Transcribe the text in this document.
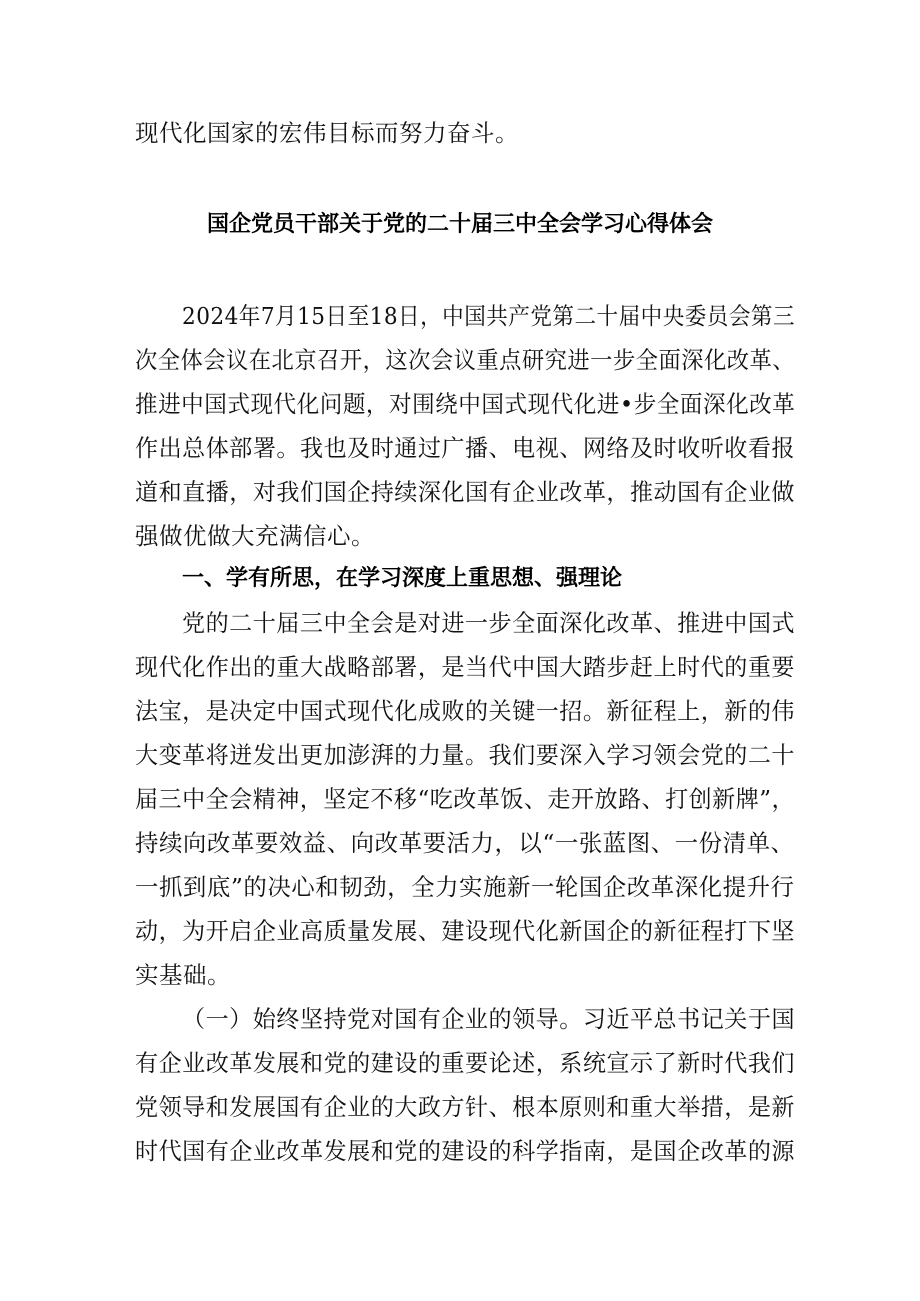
现代化国家的宏伟目标而努力奋斗。
国企党员干部关于党的二十届三中全会学习心得体会
2024年7月15日至18日，中国共产党第二十届中央委员会第三
次全体会议在北京召开，这次会议重点研究进一步全面深化改革、
推进中国式现代化问题，对围绕中国式现代化进•步全面深化改革
作出总体部署。我也及时通过广播、电视、网络及时收听收看报
道和直播，对我们国企持续深化国有企业改革，推动国有企业做
强做优做大充满信心。
一、学有所思，在学习深度上重思想、强理论
党的二十届三中全会是对进一步全面深化改革、推进中国式
现代化作出的重大战略部署，是当代中国大踏步赶上时代的重要
法宝，是决定中国式现代化成败的关键一招。新征程上，新的伟
大变革将迸发出更加澎湃的力量。我们要深入学习领会党的二十
届三中全会精神，坚定不移“吃改革饭、走开放路、打创新牌”，
持续向改革要效益、向改革要活力，以“一张蓝图、一份清单、
一抓到底”的决心和韧劲，全力实施新一轮国企改革深化提升行
动，为开启企业高质量发展、建设现代化新国企的新征程打下坚
实基础。
（一）始终坚持党对国有企业的领导。习近平总书记关于国
有企业改革发展和党的建设的重要论述，系统宣示了新时代我们
党领导和发展国有企业的大政方针、根本原则和重大举措，是新
时代国有企业改革发展和党的建设的科学指南，是国企改革的源
